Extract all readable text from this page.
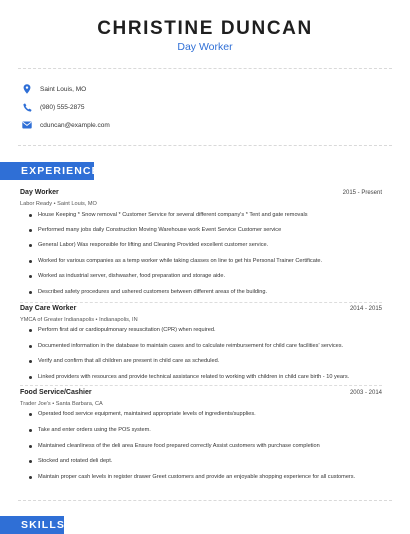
CHRISTINE DUNCAN
Day Worker
Saint Louis, MO
(980) 555-2875
cduncan@example.com
EXPERIENCE
Day Worker	2015 - Present
Labor Ready • Saint Louis, MO
House Keeping * Snow removal * Customer Service for several different company's * Tent and gate removals
Performed many jobs daily Construction Moving Warehouse work Event Service Customer service
General Labor) Was responsible for lifting and Cleaning Provided excellent customer service.
Worked for various companies as a temp worker while taking classes on line to get his Personal Trainer Certificate.
Worked as industrial server, dishwasher, food preparation and storage aide.
Described safety procedures and ushered customers between different areas of the building.
Day Care Worker	2014 - 2015
YMCA of Greater Indianapolis • Indianapolis, IN
Perform first aid or cardiopulmonary resuscitation (CPR) when required.
Documented information in the database to maintain cases and to calculate reimbursement for child care facilities' services.
Verify and confirm that all children are present in child care as scheduled.
Linked providers with resources and provide technical assistance related to working with children in child care birth - 10 years.
Food Service/Cashier	2003 - 2014
Trader Joe's • Santa Barbara, CA
Operated food service equipment, maintained appropriate levels of ingredients/supplies.
Take and enter orders using the POS system.
Maintained cleanliness of the deli area Ensure food prepared correctly Assist customers with purchase completion
Stocked and rotated deli dept.
Maintain proper cash levels in register drawer Greet customers and provide an enjoyable shopping experience for all customers.
SKILLS
